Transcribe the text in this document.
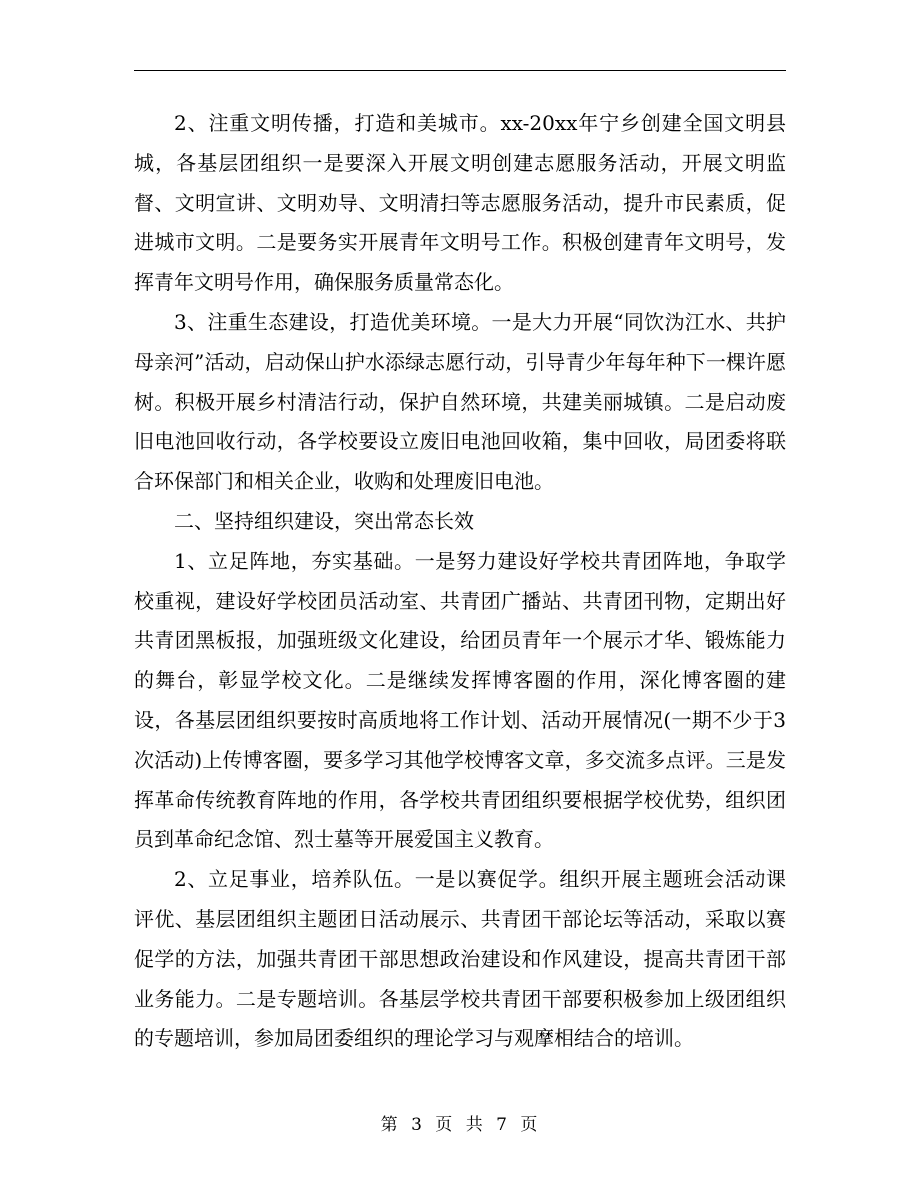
2、注重文明传播，打造和美城市。xx-20xx年宁乡创建全国文明县城，各基层团组织一是要深入开展文明创建志愿服务活动，开展文明监督、文明宣讲、文明劝导、文明清扫等志愿服务活动，提升市民素质，促进城市文明。二是要务实开展青年文明号工作。积极创建青年文明号，发挥青年文明号作用，确保服务质量常态化。

3、注重生态建设，打造优美环境。一是大力开展“同饮沩江水、共护母亲河”活动，启动保山护水添绿志愿行动，引导青少年每年种下一棵许愿树。积极开展乡村清洁行动，保护自然环境，共建美丽城镇。二是启动废旧电池回收行动，各学校要设立废旧电池回收箱，集中回收，局团委将联合环保部门和相关企业，收购和处理废旧电池。

二、坚持组织建设，突出常态长效

1、立足阵地，夯实基础。一是努力建设好学校共青团阵地，争取学校重视，建设好学校团员活动室、共青团广播站、共青团刊物，定期出好共青团黑板报，加强班级文化建设，给团员青年一个展示才华、锻炼能力的舞台，彰显学校文化。二是继续发挥博客圈的作用，深化博客圈的建设，各基层团组织要按时高质地将工作计划、活动开展情况(一期不少于3次活动)上传博客圈，要多学习其他学校博客文章，多交流多点评。三是发挥革命传统教育阵地的作用，各学校共青团组织要根据学校优势，组织团员到革命纪念馆、烈士墓等开展爱国主义教育。

2、立足事业，培养队伍。一是以赛促学。组织开展主题班会活动课评优、基层团组织主题团日活动展示、共青团干部论坛等活动，采取以赛促学的方法，加强共青团干部思想政治建设和作风建设，提高共青团干部业务能力。二是专题培训。各基层学校共青团干部要积极参加上级团组织的专题培训，参加局团委组织的理论学习与观摩相结合的培训。

第 3 页 共 7 页
